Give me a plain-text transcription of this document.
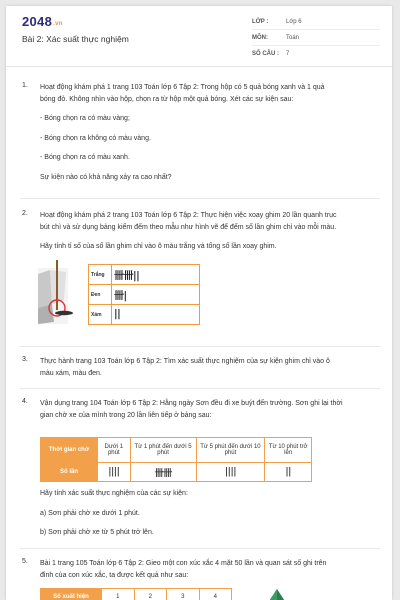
2048.vn
Bài 2: Xác suất thực nghiệm
LỚP :	Lớp 6
MÔN:	Toán
SỐ CÂU :	7
1. Hoạt động khám phá 1 trang 103 Toán lớp 6 Tập 2: Trong hộp có 5 quả bóng xanh và 1 quả

bóng đỏ. Không nhìn vào hộp, chọn ra từ hộp một quả bóng. Xét các sự kiện sau:

- Bóng chọn ra có màu vàng;

- Bóng chọn ra không có màu vàng.

- Bóng chọn ra có màu xanh.

Sự kiện nào có khả năng xảy ra cao nhất?

2. Hoạt động khám phá 2 trang 103 Toán lớp 6 Tập 2: Thực hiện việc xoay ghim 20 lần quanh trục

bút chì và sử dụng bảng kiểm đếm theo mẫu như hình vẽ để đếm số lần ghim chỉ vào mỗi màu.

Hãy tính tỉ số của số lần ghim chỉ vào ô màu trắng và tổng số lần xoay ghim.

Trắng	卌卌||
Đen	卌|
Xám	||
3. Thực hành trang 103 Toán lớp 6 Tập 2: Tìm xác suất thực nghiệm của sự kiện ghim chỉ vào ô

màu xám, màu đen.

4. Vận dụng trang 104 Toán lớp 6 Tập 2: Hằng ngày Sơn đều đi xe buýt đến trường. Sơn ghi lại thời

gian chờ xe của mình trong 20 lần liên tiếp ở bảng sau:

Thời gian chờ	Dưới 1 phút	Từ 1 phút đến dưới 5 phút	Từ 5 phút đến dưới 10 phút	Từ 10 phút trở lên
Số lần	||||	卌卌	||||	||

Hãy tính xác suất thực nghiệm của các sự kiện:

a) Sơn phải chờ xe dưới 1 phút.

b) Sơn phải chờ xe từ 5 phút trở lên.

5. Bài 1 trang 105 Toán lớp 6 Tập 2: Gieo một con xúc xắc 4 mặt 50 lần và quan sát số ghi trên

đỉnh của con xúc xắc, ta được kết quả như sau:

Số xuất hiện	1	2	3	4
